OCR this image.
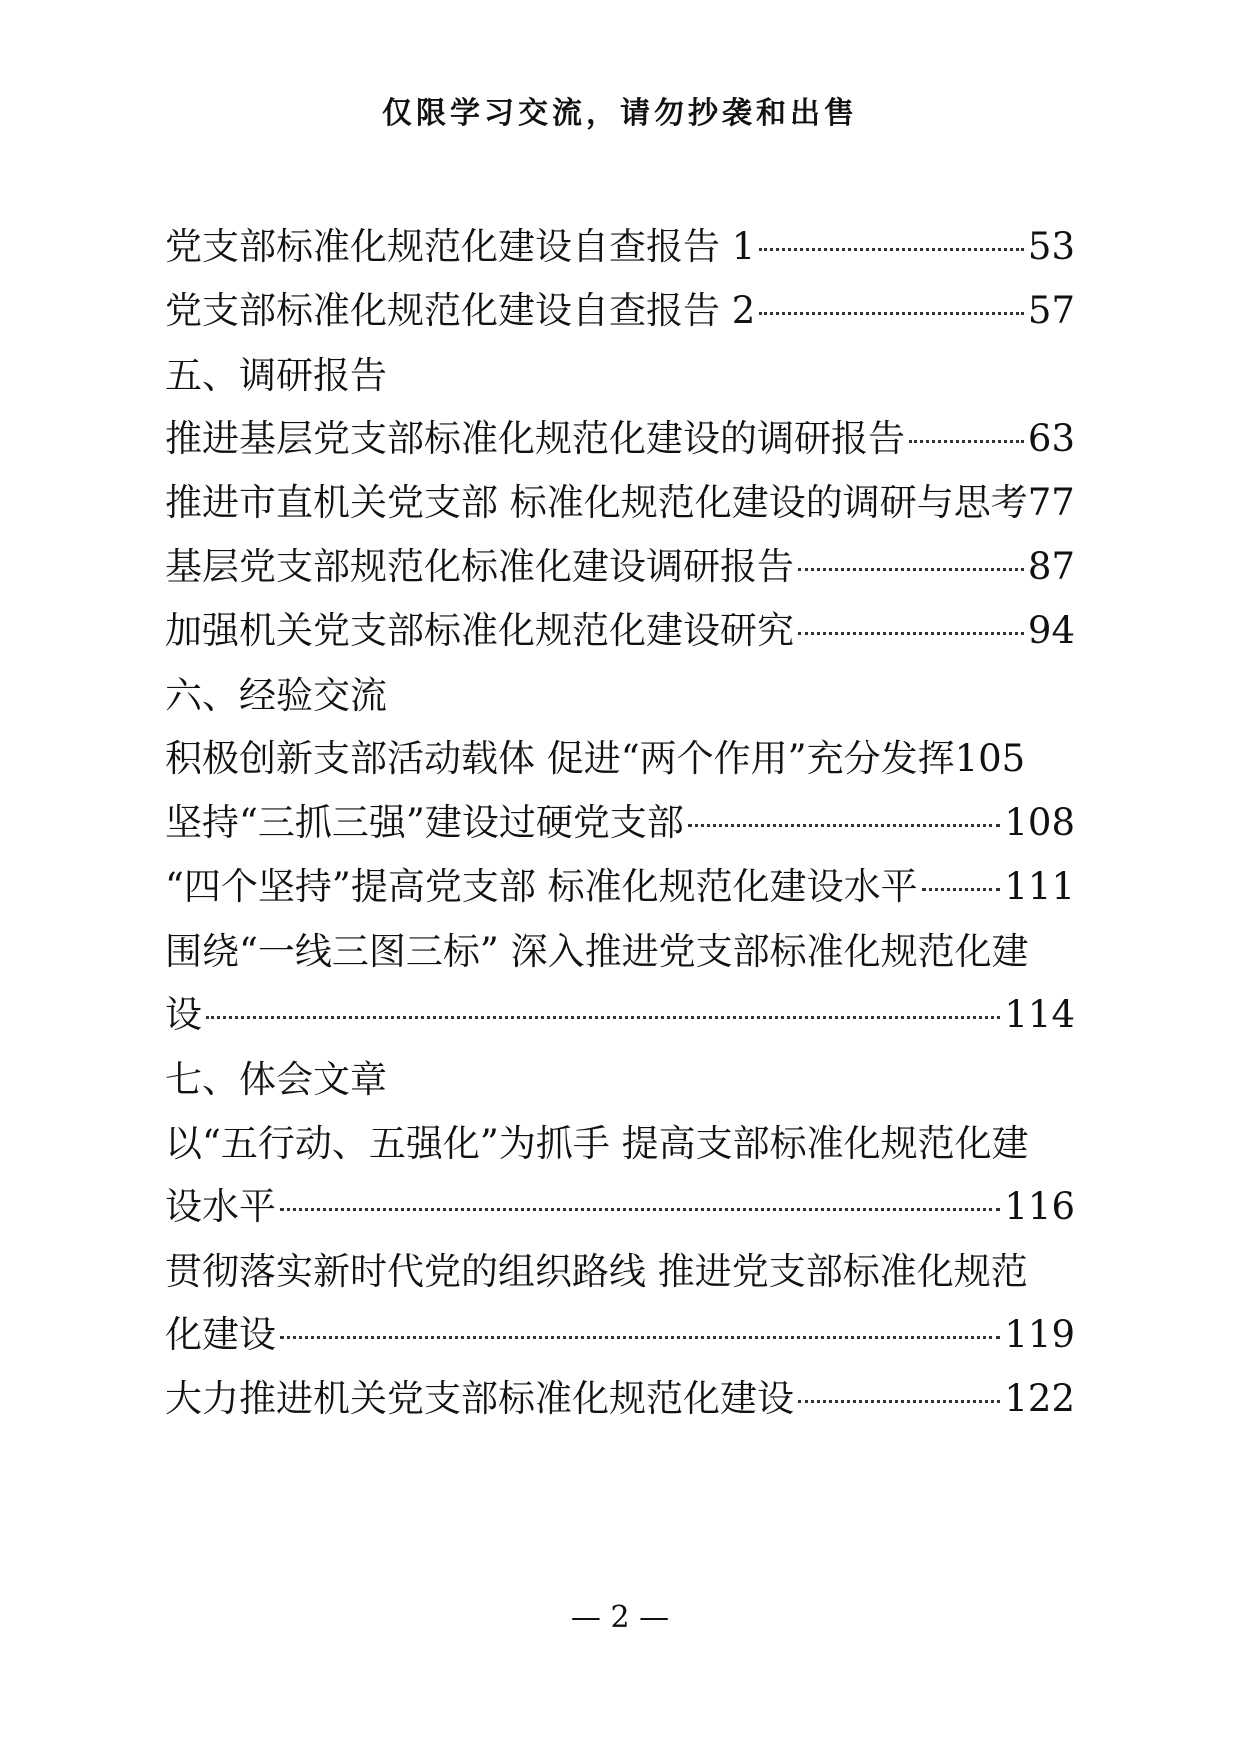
仅限学习交流，请勿抄袭和出售
党支部标准化规范化建设自查报告 1	53
党支部标准化规范化建设自查报告 2	57
五、调研报告
推进基层党支部标准化规范化建设的调研报告	63
推进市直机关党支部 标准化规范化建设的调研与思考 77
基层党支部规范化标准化建设调研报告	87
加强机关党支部标准化规范化建设研究	94
六、经验交流
积极创新支部活动载体 促进“两个作用”充分发挥 105
坚持“三抓三强”建设过硬党支部	108
“四个坚持”提高党支部 标准化规范化建设水平 111
围绕“一线三图三标” 深入推进党支部标准化规范化建
设	114
七、体会文章
以“五行动、五强化”为抓手 提高支部标准化规范化建
设水平	116
贯彻落实新时代党的组织路线 推进党支部标准化规范
化建设	119
大力推进机关党支部标准化规范化建设	122
— 2 —
